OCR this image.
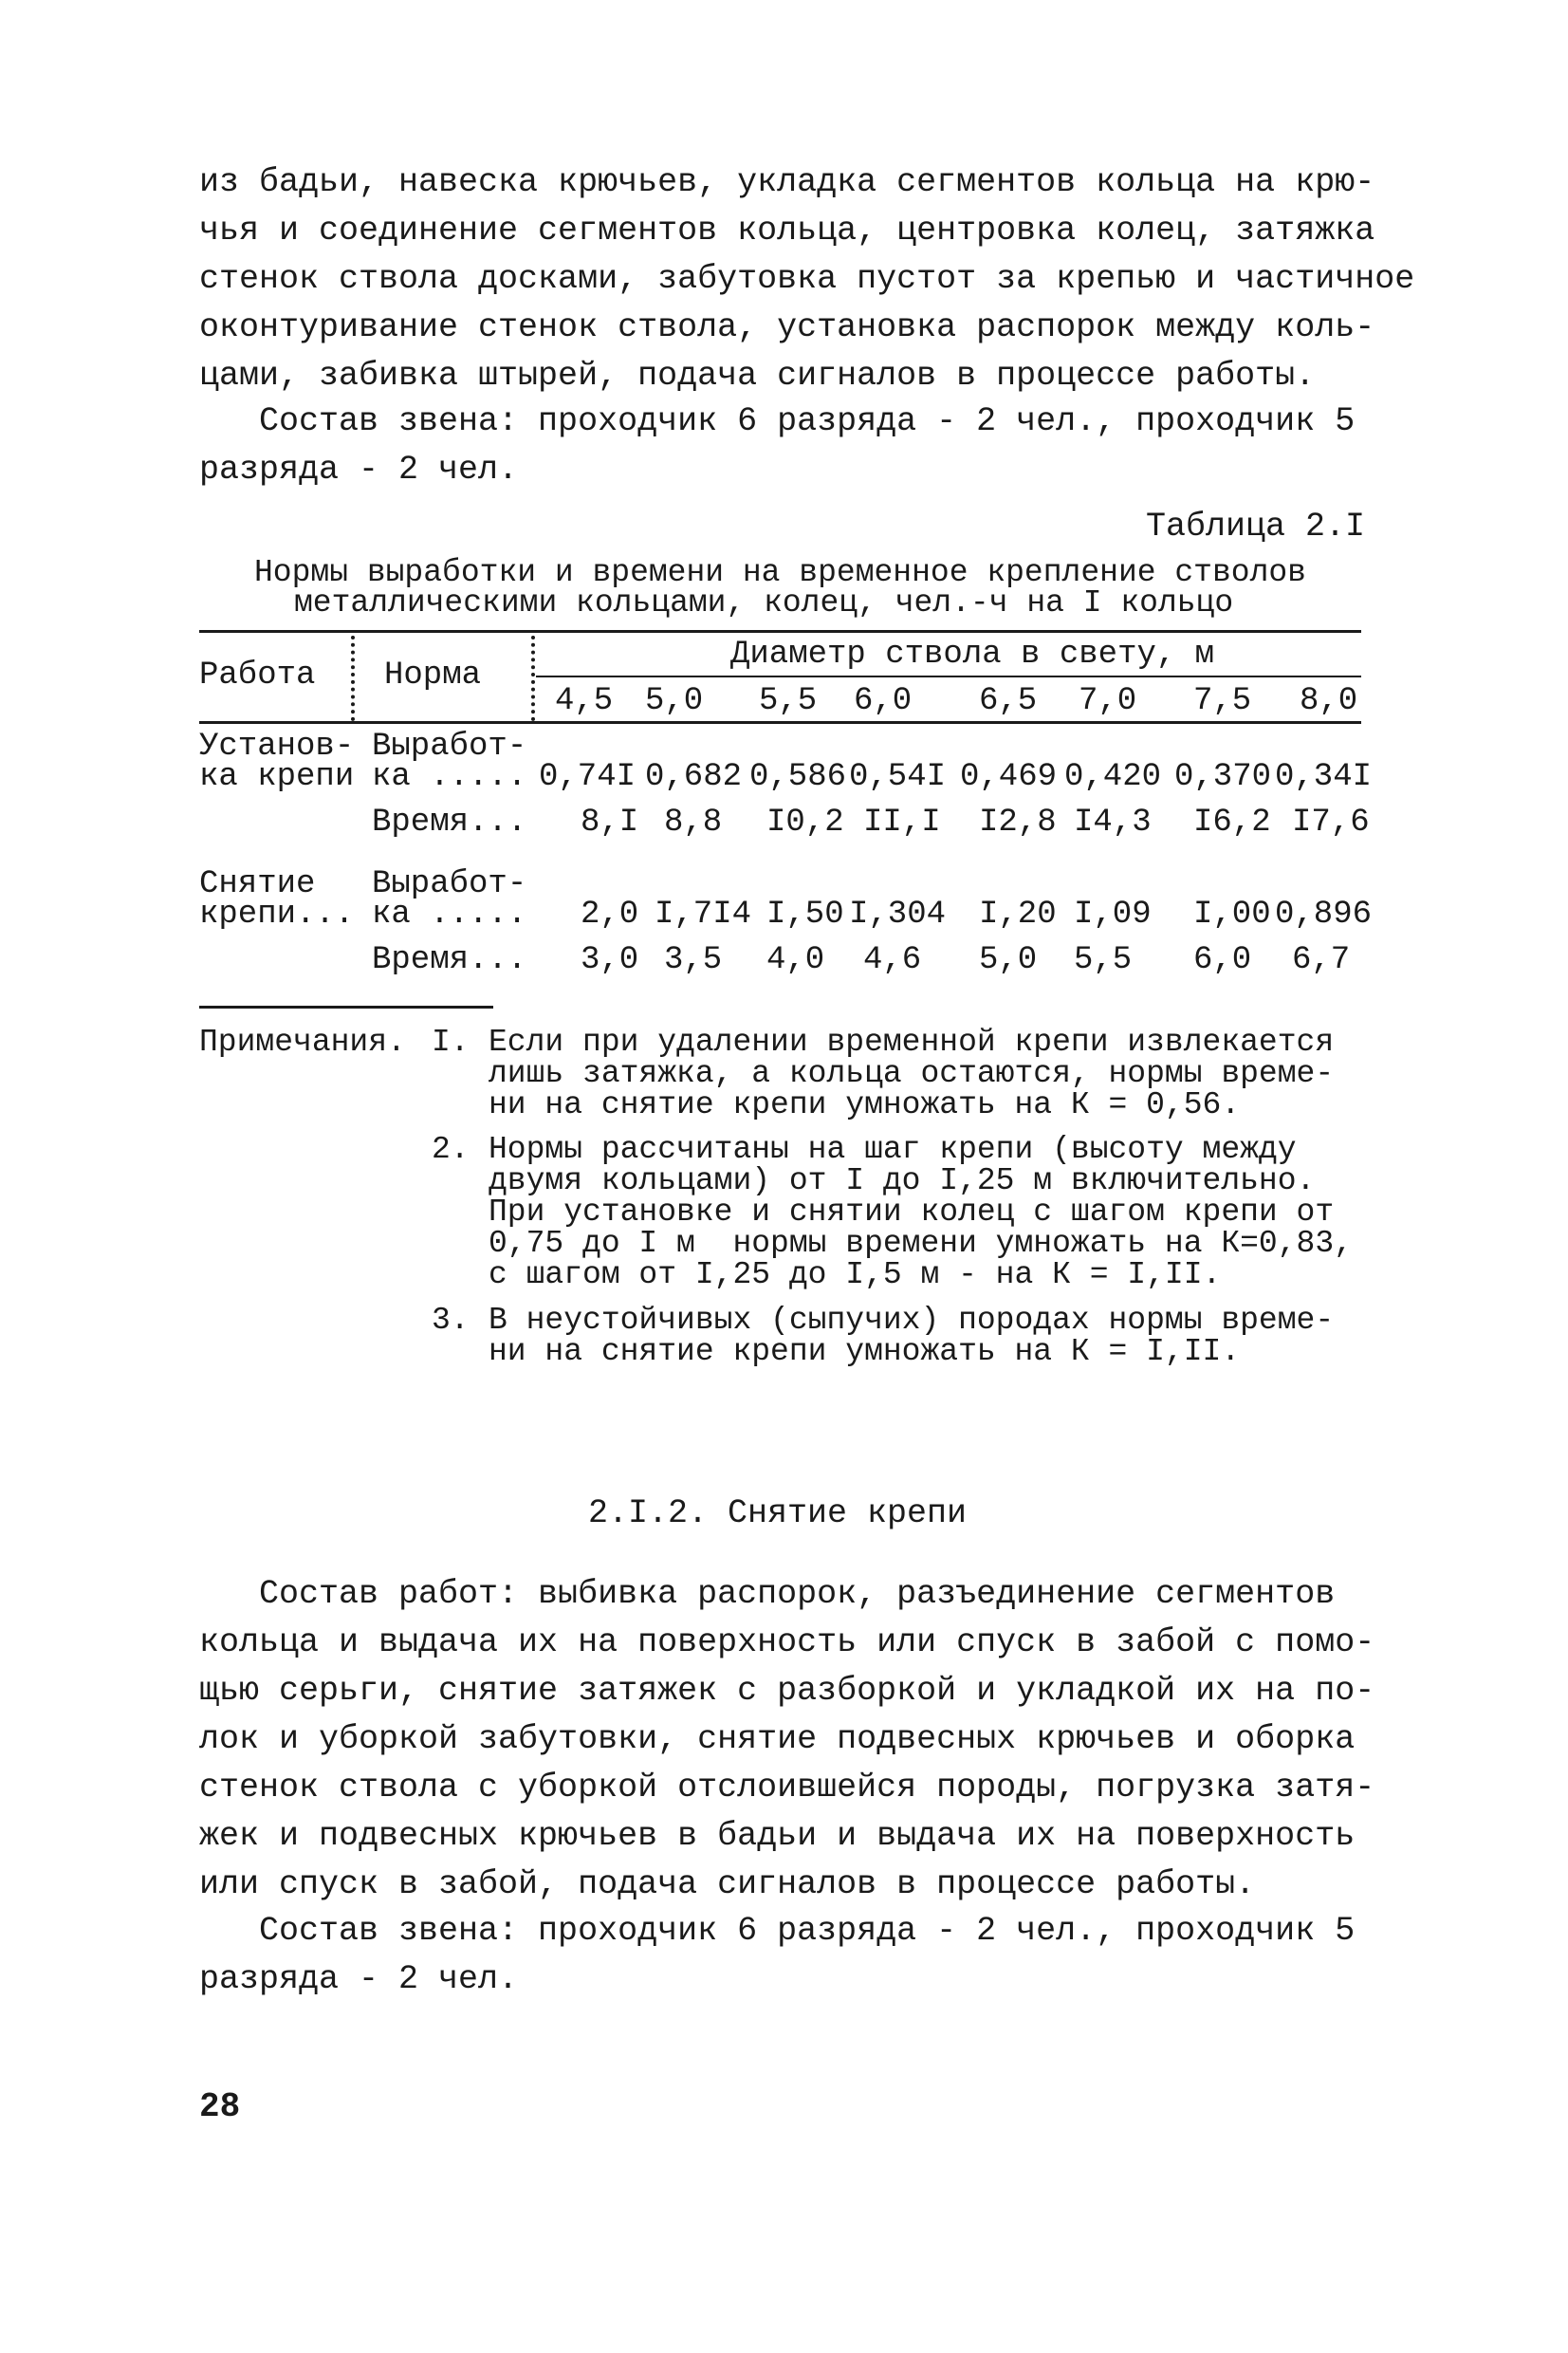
из бадьи, навеска крючьев, укладка сегментов кольца на крю-
чья и соединение сегментов кольца, центровка колец, затяжка
стенок ствола досками, забутовка пустот за крепью и частичное
оконтуривание стенок ствола, установка распорок между коль-
цами, забивка штырей, подача сигналов в процессе работы.
Состав звена: проходчик 6 разряда - 2 чел., проходчик 5
разряда - 2 чел.
Таблица 2.I
Нормы выработки и времени на временное крепление стволов
металлическими кольцами, колец, чел.-ч на I кольцо
Работа Норма
Диаметр ствола в свету, м
4,5 5,0 5,5 6,0 6,5 7,0 7,5 8,0
Установ-
ка крепи
Выработ-
ка ..... 0,74I 0,682 0,586 0,54I 0,469 0,420 0,370 0,34I
Время... 8,I 8,8 I0,2 II,I I2,8 I4,3 I6,2 I7,6
Снятие
крепи...
Выработ-
ка ..... 2,0 I,7I4 I,50 I,304 I,20 I,09 I,00 0,896
Время... 3,0 3,5 4,0 4,6 5,0 5,5 6,0 6,7
Примечания. I. Если при удалении временной крепи извлекается
лишь затяжка, а кольца остаются, нормы време-
ни на снятие крепи умножать на К = 0,56.
2. Нормы рассчитаны на шаг крепи (высоту между
двумя кольцами) от I до I,25 м включительно.
При установке и снятии колец с шагом крепи от
0,75 до I м  нормы времени умножать на К=0,83,
с шагом от I,25 до I,5 м - на К = I,II.
3. В неустойчивых (сыпучих) породах нормы време-
ни на снятие крепи умножать на К = I,II.
2.I.2. Снятие крепи
Состав работ: выбивка распорок, разъединение сегментов
кольца и выдача их на поверхность или спуск в забой с помо-
щью серьги, снятие затяжек с разборкой и укладкой их на по-
лок и уборкой забутовки, снятие подвесных крючьев и оборка
стенок ствола с уборкой отслоившейся породы, погрузка затя-
жек и подвесных крючьев в бадьи и выдача их на поверхность
или спуск в забой, подача сигналов в процессе работы.
Состав звена: проходчик 6 разряда - 2 чел., проходчик 5
разряда - 2 чел.
28
